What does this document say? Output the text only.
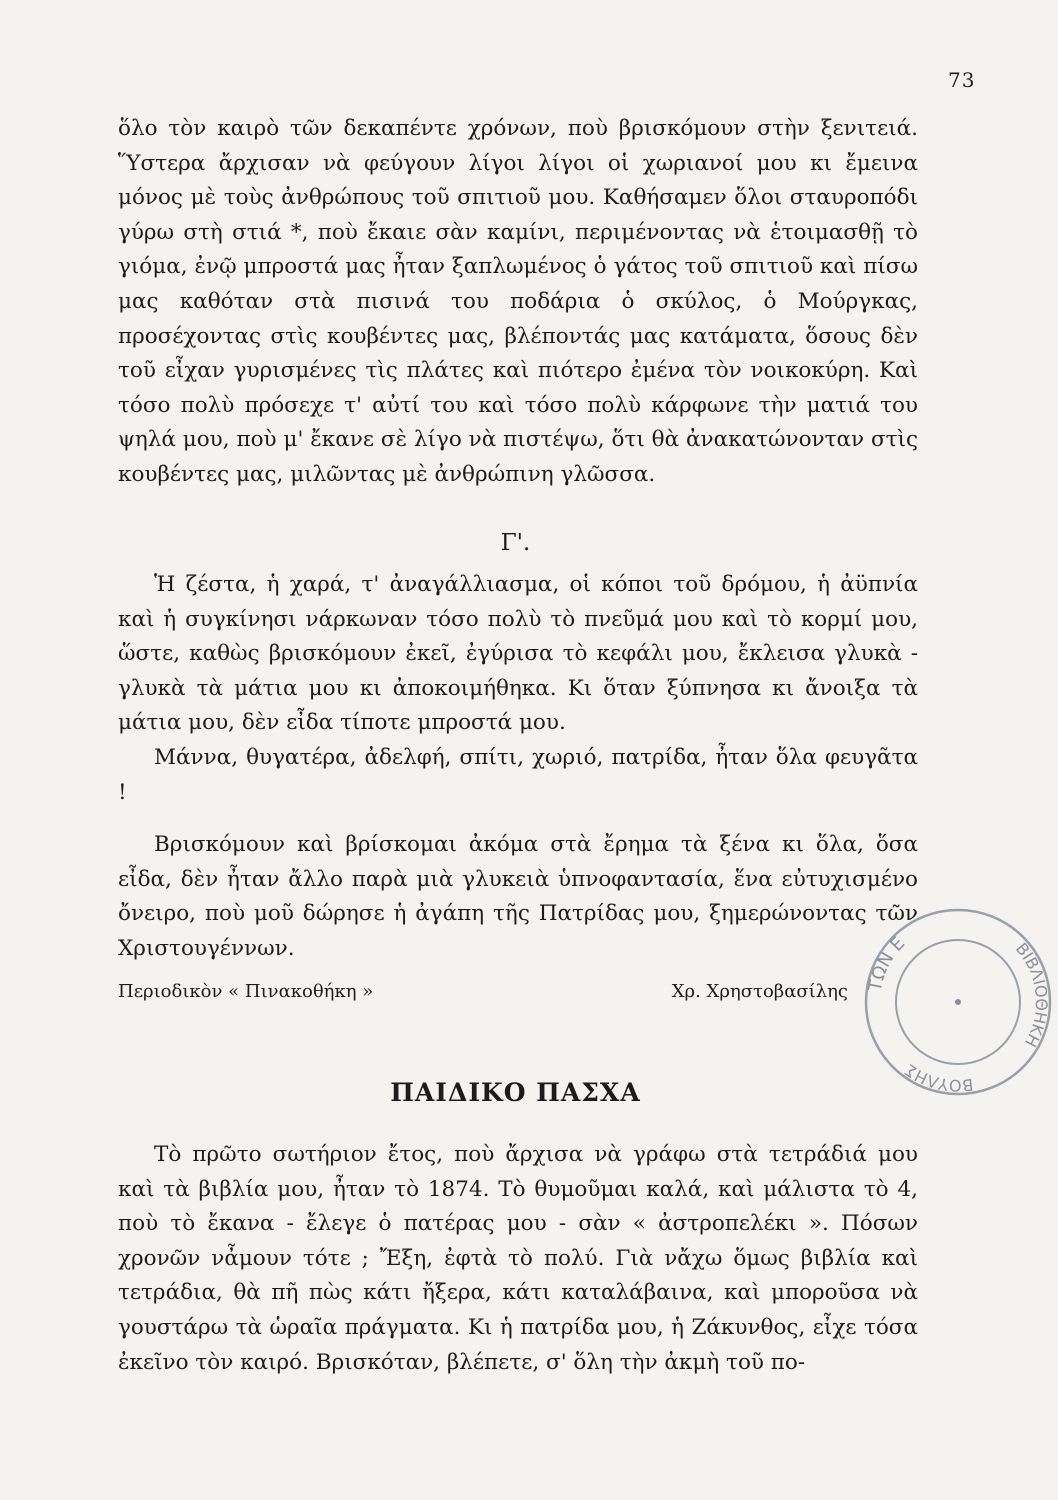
73

ὅλο τὸν καιρὸ τῶν δεκαπέντε χρόνων, ποὺ βρισκόμουν στὴν ξενιτειά. Ὕστερα ἄρχισαν νὰ φεύγουν λίγοι λίγοι οἱ χωριανοί μου κι ἔμεινα μόνος μὲ τοὺς ἀνθρώπους τοῦ σπιτιοῦ μου. Καθήσαμεν ὅλοι σταυροπόδι γύρω στὴ στιά *, ποὺ ἔκαιε σὰν καμίνι, περιμένοντας νὰ ἑτοιμασθῇ τὸ γιόμα, ἐνῷ μπροστά μας ἦταν ξαπλωμένος ὁ γάτος τοῦ σπιτιοῦ καὶ πίσω μας καθόταν στὰ πισινά του ποδάρια ὁ σκύλος, ὁ Μούργκας, προσέχοντας στὶς κουβέντες μας, βλέποντάς μας κατάματα, ὅσους δὲν τοῦ εἶχαν γυρισμένες τὶς πλάτες καὶ πιότερο ἐμένα τὸν νοικοκύρη. Καὶ τόσο πολὺ πρόσεχε τ' αὐτί του καὶ τόσο πολὺ κάρφωνε τὴν ματιά του ψηλά μου, ποὺ μ' ἔκανε σὲ λίγο νὰ πιστέψω, ὅτι θὰ ἀνακατώνονταν στὶς κουβέντες μας, μιλῶντας μὲ ἀνθρώπινη γλῶσσα.

Γ'.

Ἡ ζέστα, ἡ χαρά, τ' ἀναγάλλιασμα, οἱ κόποι τοῦ δρόμου, ἡ ἀϋπνία καὶ ἡ συγκίνησι νάρκωναν τόσο πολὺ τὸ πνεῦμά μου καὶ τὸ κορμί μου, ὥστε, καθὼς βρισκόμουν ἐκεῖ, ἐγύρισα τὸ κεφάλι μου, ἔκλεισα γλυκὰ - γλυκὰ τὰ μάτια μου κι ἀποκοιμήθηκα. Κι ὅταν ξύπνησα κι ἄνοιξα τὰ μάτια μου, δὲν εἶδα τίποτε μπροστά μου.

Μάννα, θυγατέρα, ἀδελφή, σπίτι, χωριό, πατρίδα, ἦταν ὅλα φευγᾶτα !

Βρισκόμουν καὶ βρίσκομαι ἀκόμα στὰ ἔρημα τὰ ξένα κι ὅλα, ὅσα εἶδα, δὲν ἦταν ἄλλο παρὰ μιὰ γλυκειὰ ὑπνοφαντασία, ἕνα εὐτυχισμένο ὄνειρο, ποὺ μοῦ δώρησε ἡ ἀγάπη τῆς Πατρίδας μου, ξημερώνοντας τῶν Χριστουγέννων.

Περιοδικὸν « Πινακοθήκη »	Χρ. Χρηστοβασίλης
ΠΑΙΔΙΚΟ ΠΑΣΧΑ

Τὸ πρῶτο σωτήριον ἔτος, ποὺ ἄρχισα νὰ γράφω στὰ τετράδιά μου καὶ τὰ βιβλία μου, ἦταν τὸ 1874. Τὸ θυμοῦμαι καλά, καὶ μάλιστα τὸ 4, ποὺ τὸ ἔκανα - ἔλεγε ὁ πατέρας μου - σὰν « ἀστροπελέκι ». Πόσων χρονῶν νἆμουν τότε ; Ἔξη, ἐφτὰ τὸ πολύ. Γιὰ νἄχω ὅμως βιβλία καὶ τετράδια, θὰ πῆ πὼς κάτι ἤξερα, κάτι καταλάβαινα, καὶ μποροῦσα νὰ γουστάρω τὰ ὡραῖα πράγματα. Κι ἡ πατρίδα μου, ἡ Ζάκυνθος, εἶχε τόσα ἐκεῖνο τὸν καιρό. Βρισκόταν, βλέπετε, σ' ὅλη τὴν ἀκμὴ τοῦ πο-

ΤΩΝ Ε
ΒΟΥΛΗΣ
ΒΙΒΛΙΟΘΗΚΗ
